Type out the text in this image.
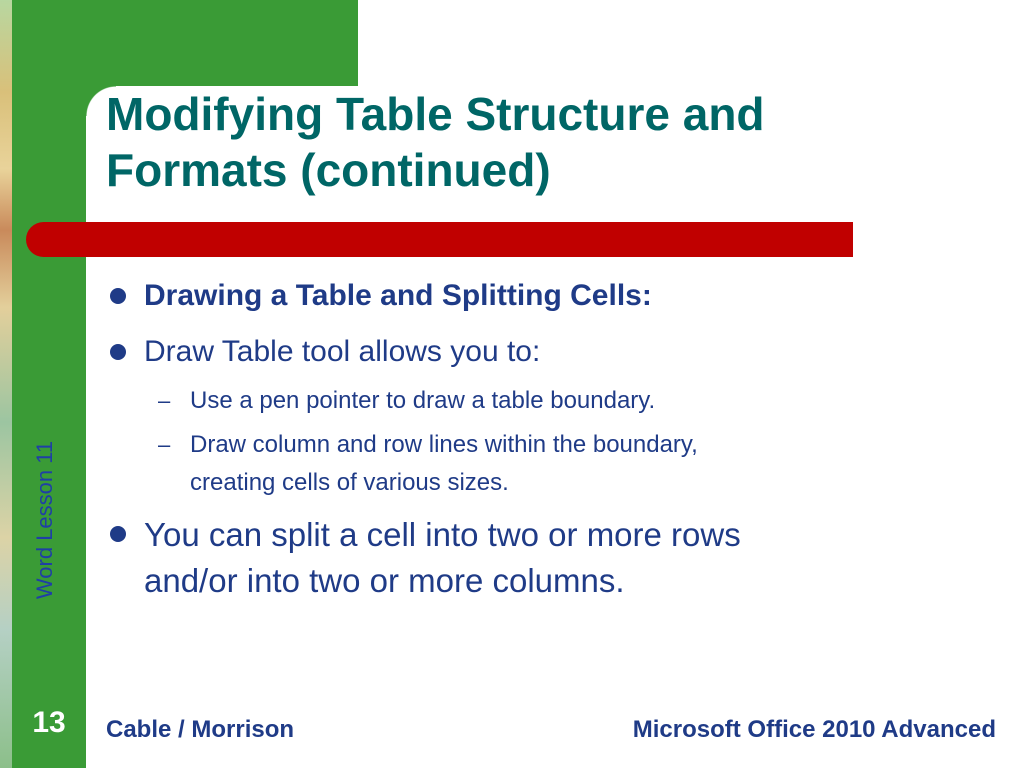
Modifying Table Structure and
Formats (continued)
Word Lesson 11
Drawing a Table and Splitting Cells:
Draw Table tool allows you to:
– Use a pen pointer to draw a table boundary.
– Draw column and row lines within the boundary,
creating cells of various sizes.
You can split a cell into two or more rows
and/or into two or more columns.
13	Cable / Morrison	Microsoft Office 2010 Advanced
